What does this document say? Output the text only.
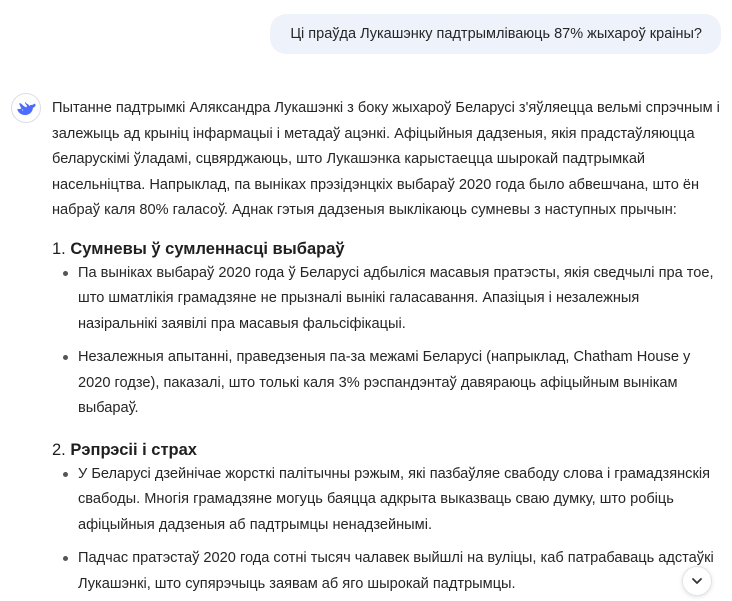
Ці праўда Лукашэнку падтрымліваюць 87% жыхароў краіны?

Пытанне падтрымкі Аляксандра Лукашэнкі з боку жыхароў Беларусі з'яўляецца вельмі спрэчным і залежыць ад крыніц інфармацыі і метадаў ацэнкі. Афіцыйныя дадзеныя, якія прадстаўляюцца беларускімі ўладамі, сцвярджаюць, што Лукашэнка карыстаецца шырокай падтрымкай насельніцтва. Напрыклад, па выніках прэзідэнцкіх выбараў 2020 года было абвешчана, што ён набраў каля 80% галасоў. Аднак гэтыя дадзеныя выклікаюць сумневы з наступных прычын:

1. Сумневы ў сумленнасці выбараў
Па выніках выбараў 2020 года ў Беларусі адбыліся масавыя пратэсты, якія сведчылі пра тое, што шматлікія грамадзяне не прызналі вынікі галасавання. Апазіцыя і незалежныя назіральнікі заявілі пра масавыя фальсіфікацыі.
Незалежныя апытанні, праведзеныя па-за межамі Беларусі (напрыклад, Chatham House у 2020 годзе), паказалі, што толькі каля 3% рэспандэнтаў давяраюць афіцыйным вынікам выбараў.
2. Рэпрэсіі і страх
У Беларусі дзейнічае жорсткі палітычны рэжым, які пазбаўляе свабоду слова і грамадзянскія свабоды. Многія грамадзяне могуць баяцца адкрыта выказваць сваю думку, што робіць афіцыйныя дадзеныя аб падтрымцы ненадзейнымі.
Падчас пратэстаў 2020 года сотні тысяч чалавек выйшлі на вуліцы, каб патрабаваць адстаўкі Лукашэнкі, што супярэчыць заявам аб яго шырокай падтрымцы.
